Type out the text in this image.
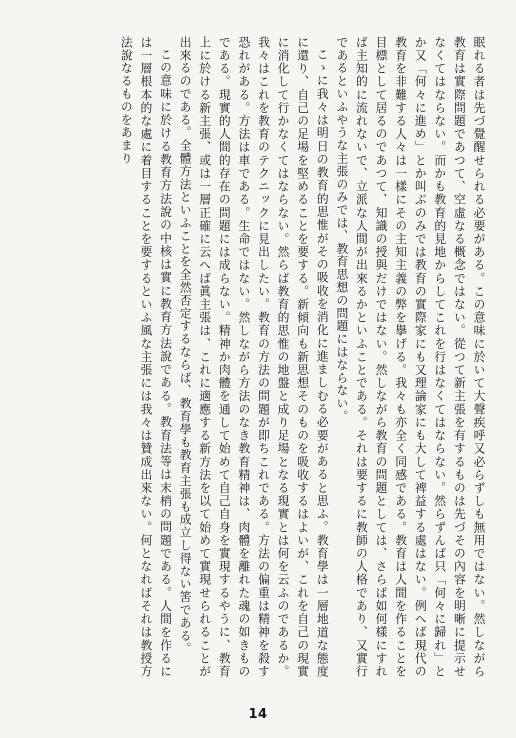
眠れる者は先づ覺醒せられる必要がある。この意味に於いて大聲疾呼又必らずしも無用ではない。然しながら教育は實際問題であつて、空虛なる概念ではない。從つて新主張を有するものは先づその內容を明晰に提示せなくてはならない。而かも教育的見地からしてこれを行はなくてはならない。然らずんば只「何々に歸れ」とか又「何々に進め」とか叫ぶのみでは教育の實際家にも又理論家にも大して裨益する處はない。例へば現代の教育を非難する人々は一樣にその主知主義の弊を擧げる。我々も亦全く同感である。教育は人間を作ることを目標として居るのであつて、知識の授與だけではない。然しながら教育の問題としては、さらば如何樣にすれば主知的に流れないで、立派な人間が出來るかといふことである。それは要するに教師の人格であり、又實行であるといふやうな主張のみでは、教育思想の問題にはならない。

こゝに我々は明日の教育的思惟がその吸收を消化に進ましむる必要があると思ふ。教育學は一層地道な態度に還り、自己の足場を堅めることを要する。新傾向も新思想そのものを吸收するはよいが、これを自己の現實に消化して行かなくてはならない。然らば教育的思惟の地盤と成り足場となる現實とは何を云ふのであるか。我々はこれを教育のテクニックに見出したい。教育の方法の問題が即ちこれである。方法の偏重は精神を殺す恐れがある。方法は車である。生命ではない。然しながら方法のなき教育精神は、肉體を離れた魂の如きものである。現實的人間的存在の問題には成らない。精神か肉體を通して始めて自己自身を實現するやうに、教育上に於ける新主張、或は一層正確に云へば眞主張は、これに適應する新方法を以て始めて實現せられることが出來るのである。全體方法といふことを全然否定するならば、教育學も教育主張も成立し得ない筈である。

この意味に於ける教育方法說の中核は實に教育方法說である。教育法等は末梢の問題である。人間を作るには一層根本的な處に着目することを要するといふ風な主張には我々は贊成出來ない。何となればそれは教授方法說なるものをあまり

14
